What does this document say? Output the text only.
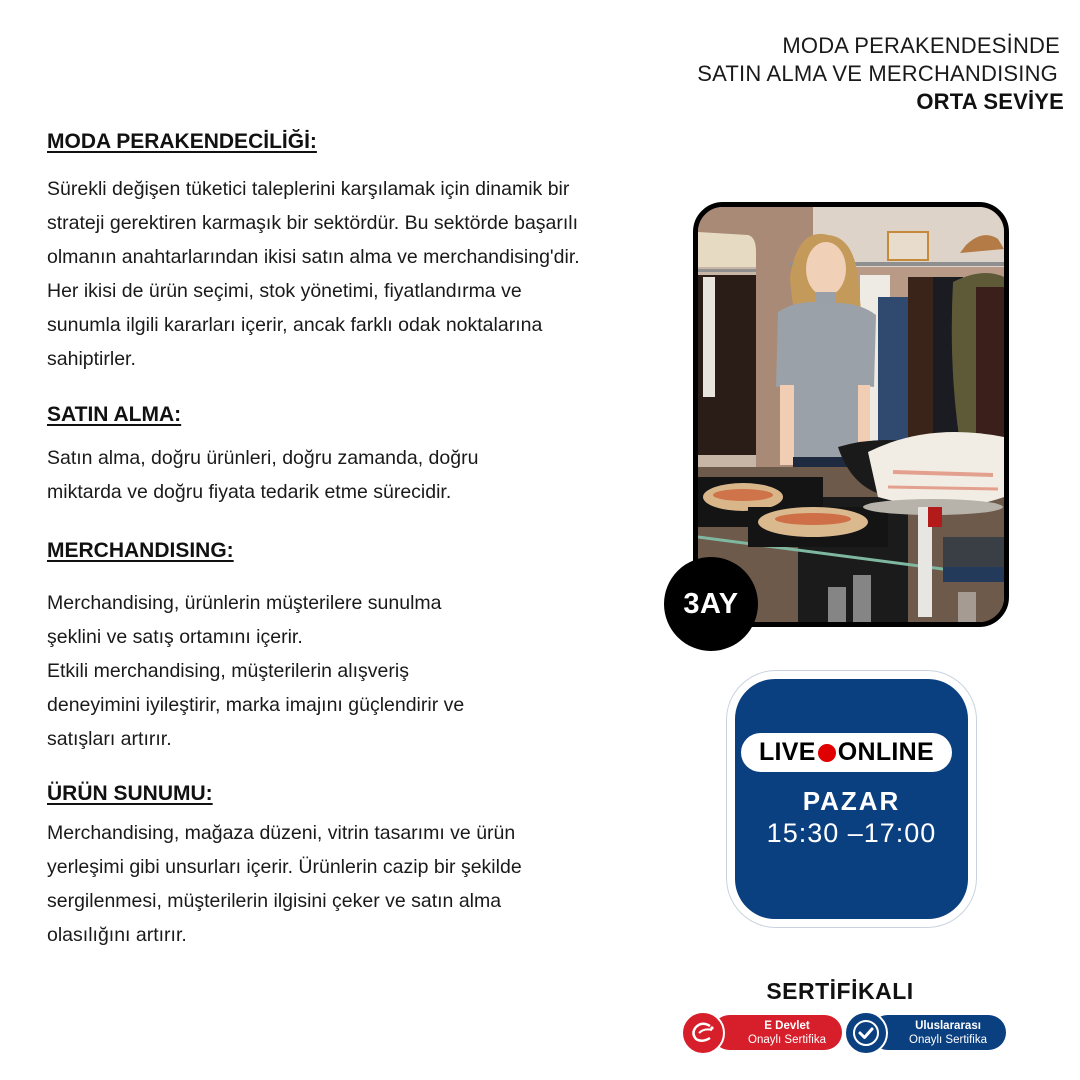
MODA PERAKENDESİNDE
SATIN ALMA VE MERCHANDISING
ORTA SEVİYE
MODA PERAKENDECİLİĞİ:
Sürekli değişen tüketici taleplerini karşılamak için dinamik bir
strateji gerektiren karmaşık bir sektördür. Bu sektörde başarılı
olmanın anahtarlarından ikisi satın alma ve merchandising'dir.
Her ikisi de ürün seçimi, stok yönetimi, fiyatlandırma ve
sunumla ilgili kararları içerir, ancak farklı odak noktalarına
sahiptirler.
SATIN ALMA:
Satın alma, doğru ürünleri, doğru zamanda, doğru
miktarda ve doğru fiyata tedarik etme sürecidir.
MERCHANDISING:
Merchandising, ürünlerin müşterilere sunulma
şeklini ve satış ortamını içerir.
Etkili merchandising, müşterilerin alışveriş
deneyimini iyileştirir, marka imajını güçlendirir ve
satışları artırır.
ÜRÜN SUNUMU:
Merchandising, mağaza düzeni, vitrin tasarımı ve ürün
yerleşimi gibi unsurları içerir. Ürünlerin cazip bir şekilde
sergilenmesi, müşterilerin ilgisini çeker ve satın alma
olasılığını artırır.
3AY
LIVE ONLINE
PAZAR
15:30 –17:00
SERTİFİKALI
E Devlet
Onaylı Sertifika
Uluslararası
Onaylı Sertifika
